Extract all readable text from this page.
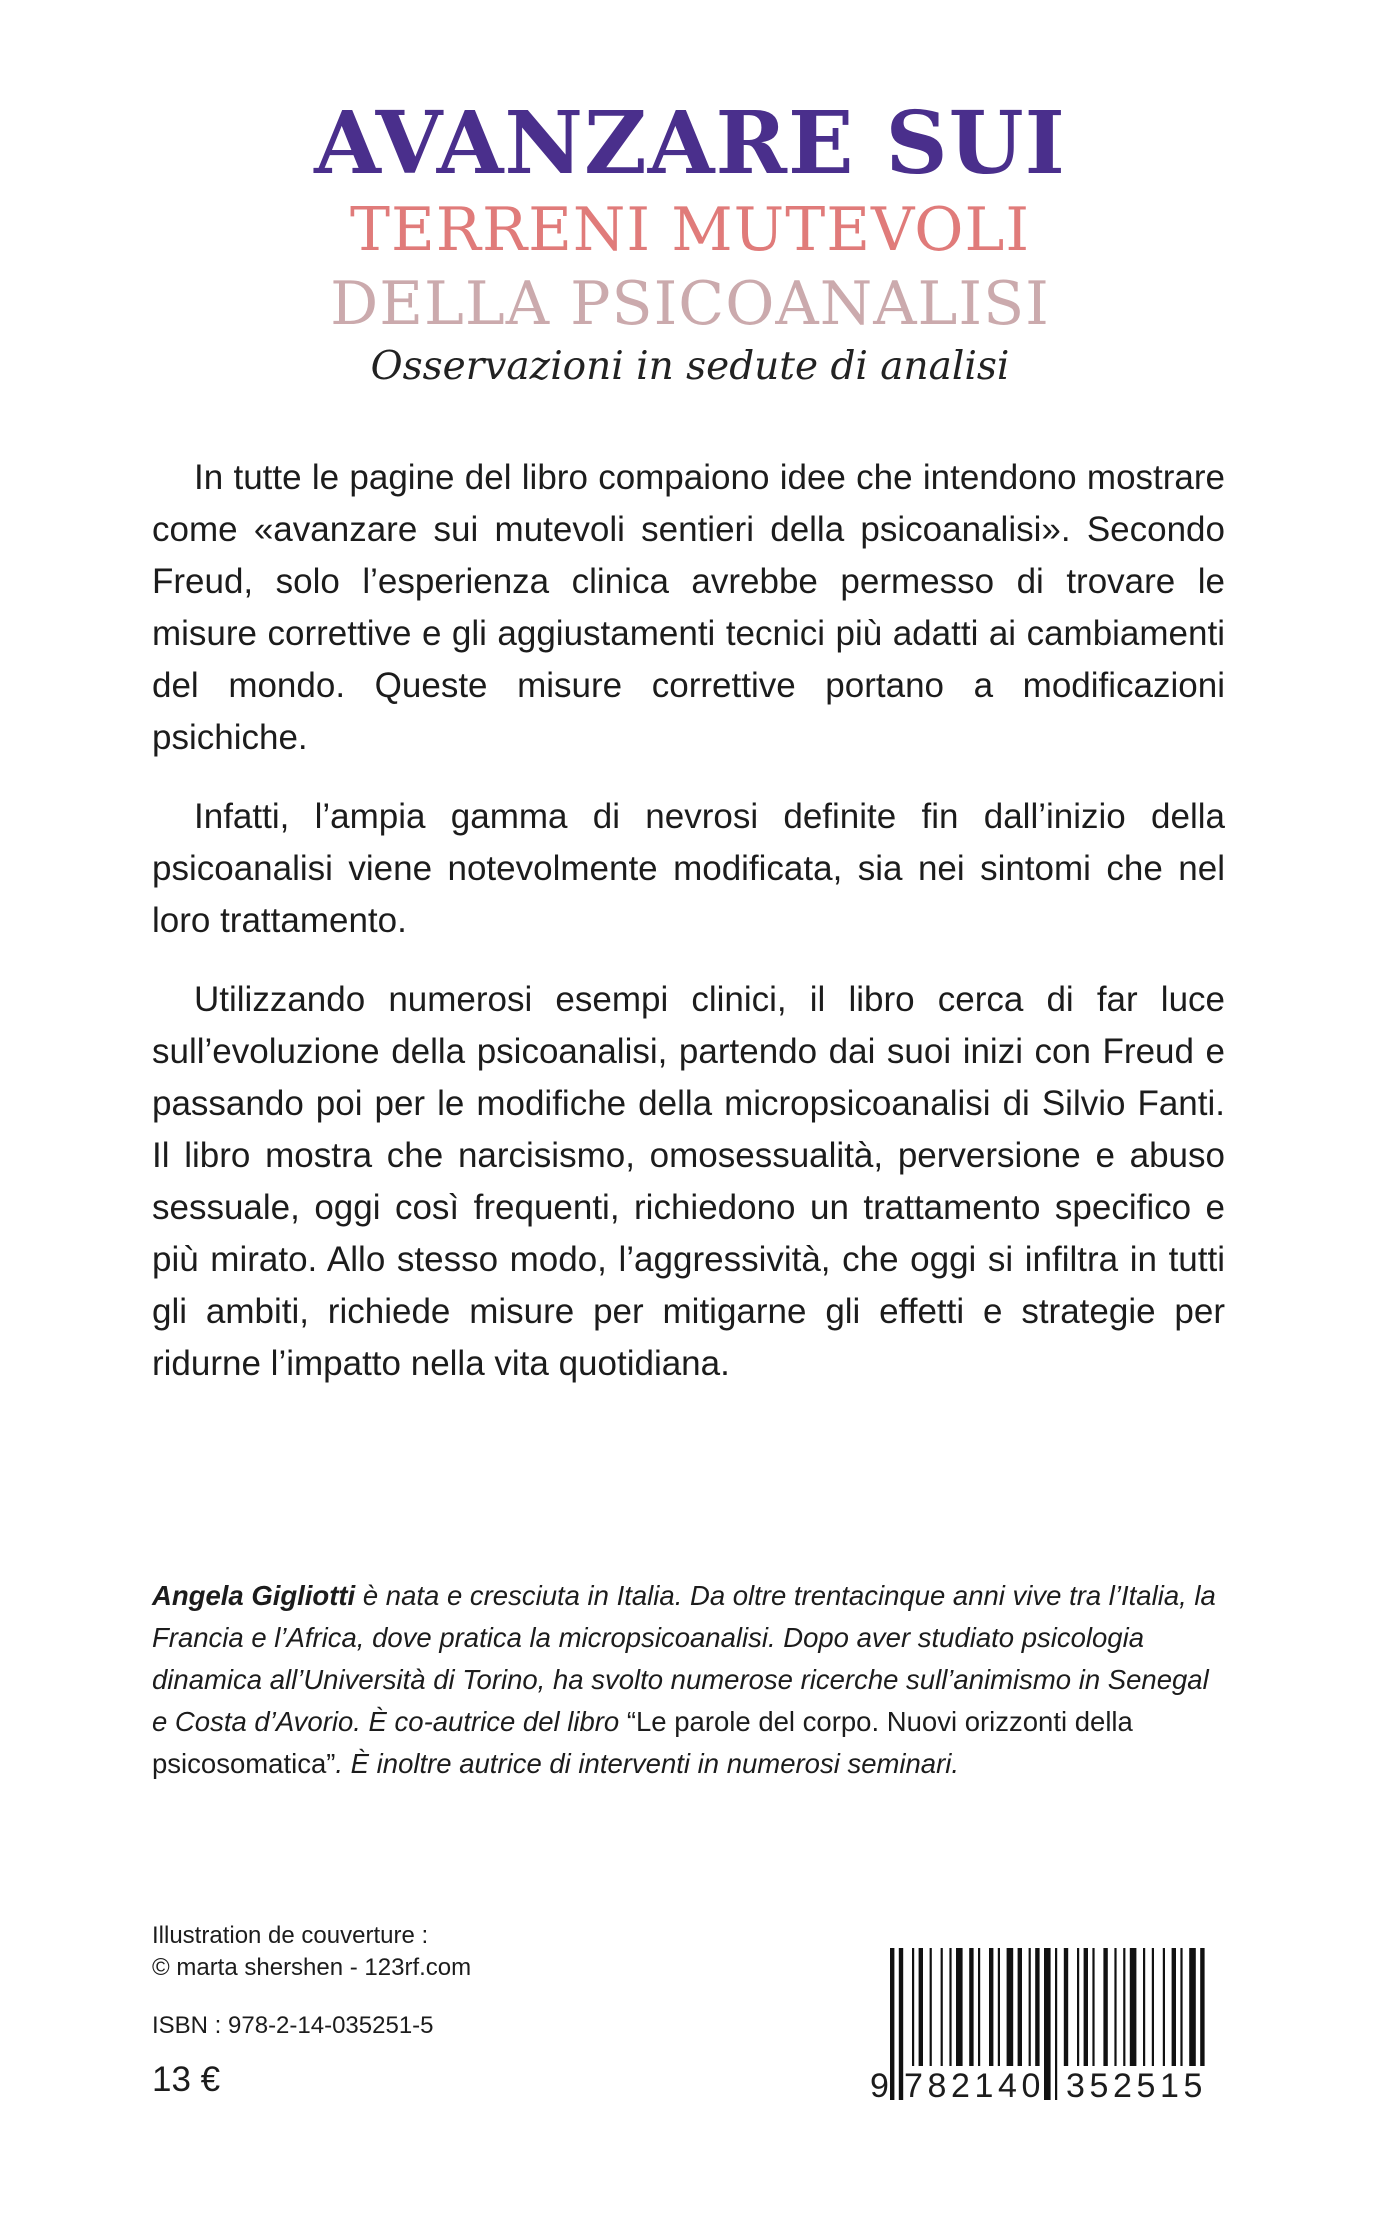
AVANZARE SUI
TERRENI MUTEVOLI
DELLA PSICOANALISI
Osservazioni in sedute di analisi

In tutte le pagine del libro compaiono idee che intendono mostrare come «avanzare sui mutevoli sentieri della psicoanalisi». Secondo Freud, solo l’esperienza clinica avrebbe permesso di trovare le misure correttive e gli aggiustamenti tecnici più adatti ai cambiamenti del mondo. Queste misure correttive portano a modificazioni psichiche.

Infatti, l’ampia gamma di nevrosi definite fin dall’inizio della psicoanalisi viene notevolmente modificata, sia nei sintomi che nel loro trattamento.

Utilizzando numerosi esempi clinici, il libro cerca di far luce sull’evoluzione della psicoanalisi, partendo dai suoi inizi con Freud e passando poi per le modifiche della micropsicoanalisi di Silvio Fanti. Il libro mostra che narcisismo, omosessualità, perversione e abuso sessuale, oggi così frequenti, richiedono un trattamento specifico e più mirato. Allo stesso modo, l’aggressività, che oggi si infiltra in tutti gli ambiti, richiede misure per mitigarne gli effetti e strategie per ridurne l’impatto nella vita quotidiana.

Angela Gigliotti è nata e cresciuta in Italia. Da oltre trentacinque anni vive tra l’Italia, la Francia e l’Africa, dove pratica la micropsicoanalisi. Dopo aver studiato psicologia dinamica all’Università di Torino, ha svolto numerose ricerche sull’animismo in Senegal e Costa d’Avorio. È co-autrice del libro “Le parole del corpo. Nuovi orizzonti della psicosomatica”. È inoltre autrice di interventi in numerosi seminari.
Illustration de couverture :
© marta shershen - 123rf.com
ISBN : 978-2-14-035251-5
13 €	9 782140 352515
